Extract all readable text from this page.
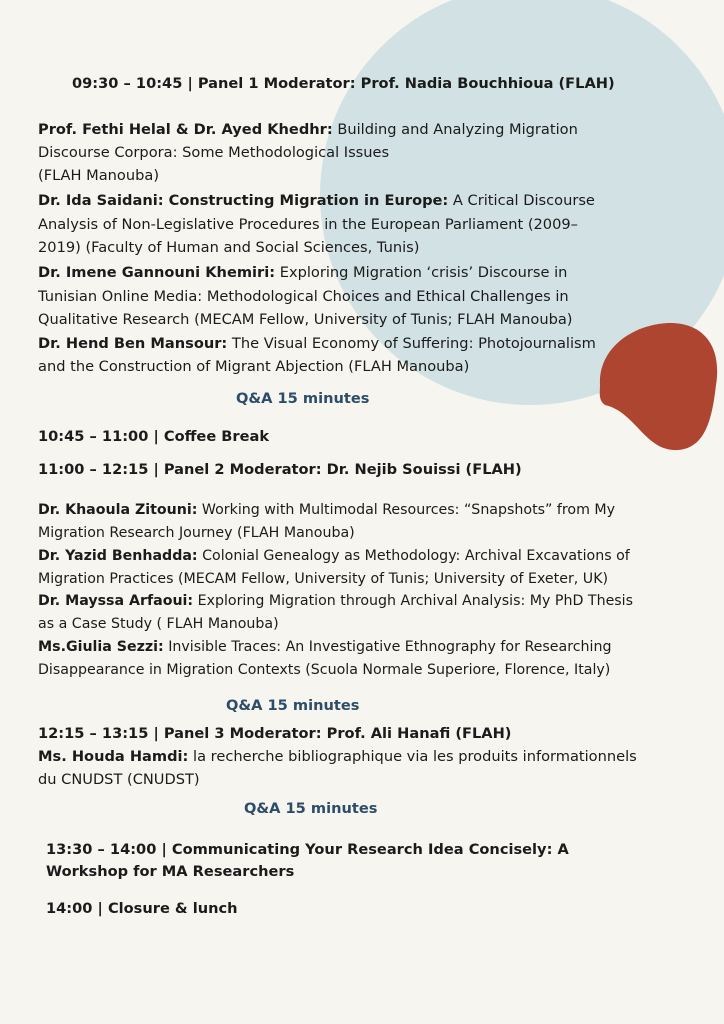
09:30 – 10:45 | Panel 1 Moderator: Prof. Nadia Bouchhioua (FLAH)
Prof. Fethi Helal & Dr. Ayed Khedhr: Building and Analyzing Migration
Discourse Corpora: Some Methodological Issues
(FLAH Manouba)
Dr. Ida Saidani: Constructing Migration in Europe: A Critical Discourse
Analysis of Non-Legislative Procedures in the European Parliament (2009–
2019) (Faculty of Human and Social Sciences, Tunis)
Dr. Imene Gannouni Khemiri: Exploring Migration ‘crisis’ Discourse in
Tunisian Online Media: Methodological Choices and Ethical Challenges in
Qualitative Research (MECAM Fellow, University of Tunis; FLAH Manouba)
Dr. Hend Ben Mansour: The Visual Economy of Suffering: Photojournalism
and the Construction of Migrant Abjection (FLAH Manouba)
Q&A 15 minutes
10:45 – 11:00 | Coffee Break
11:00 – 12:15 | Panel 2 Moderator: Dr. Nejib Souissi (FLAH)
Dr. Khaoula Zitouni: Working with Multimodal Resources: “Snapshots” from My
Migration Research Journey (FLAH Manouba)
Dr. Yazid Benhadda: Colonial Genealogy as Methodology: Archival Excavations of
Migration Practices (MECAM Fellow, University of Tunis; University of Exeter, UK)
Dr. Mayssa Arfaoui: Exploring Migration through Archival Analysis: My PhD Thesis
as a Case Study ( FLAH Manouba)
Ms.Giulia Sezzi: Invisible Traces: An Investigative Ethnography for Researching
Disappearance in Migration Contexts (Scuola Normale Superiore, Florence, Italy)
Q&A 15 minutes
12:15 – 13:15 | Panel 3 Moderator: Prof. Ali Hanafi (FLAH)
Ms. Houda Hamdi: la recherche bibliographique via les produits informationnels
du CNUDST (CNUDST)
Q&A 15 minutes
13:30 – 14:00 | Communicating Your Research Idea Concisely: A
Workshop for MA Researchers
14:00 | Closure & lunch
